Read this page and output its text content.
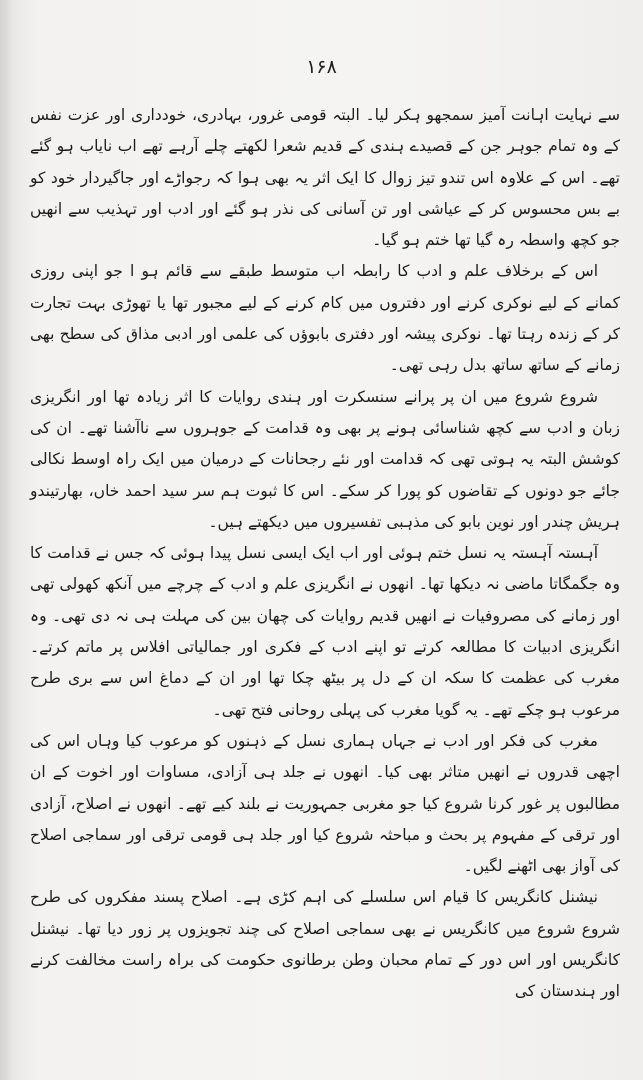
۱۶۸

سے نہایت اہانت آمیز سمجھو ہکر لیا۔ البتہ قومی غرور، بہادری، خودداری اور عزت نفس کے وہ تمام جوہر جن کے قصیدے ہندی کے قدیم شعرا لکھتے چلے آرہے تھے اب نایاب ہو گئے تھے۔ اس کے علاوہ اس تندو تیز زوال کا ایک اثر یہ بھی ہوا کہ رجواڑے اور جاگیردار خود کو بے بس محسوس کر کے عیاشی اور تن آسانی کی نذر ہو گئے اور ادب اور تہذیب سے انھیں جو کچھ واسطہ رہ گیا تھا ختم ہو گیا۔

اس کے برخلاف علم و ادب کا رابطہ اب متوسط طبقے سے قائم ہو ا جو اپنی روزی کمانے کے لیے نوکری کرنے اور دفتروں میں کام کرنے کے لیے مجبور تھا یا تھوڑی بہت تجارت کر کے زندہ رہتا تھا۔ نوکری پیشہ اور دفتری بابوؤں کی علمی اور ادبی مذاق کی سطح بھی زمانے کے ساتھ ساتھ بدل رہی تھی۔

شروع شروع میں ان پر پرانے سنسکرت اور ہندی روایات کا اثر زیادہ تھا اور انگریزی زبان و ادب سے کچھ شناسائی ہونے پر بھی وہ قدامت کے جوہروں سے ناآشنا تھے۔ ان کی کوشش البتہ یہ ہوتی تھی کہ قدامت اور نئے رجحانات کے درمیان میں ایک راہ اوسط نکالی جائے جو دونوں کے تقاضوں کو پورا کر سکے۔ اس کا ثبوت ہم سر سید احمد خاں، بھارتیندو ہریش چندر اور نوین بابو کی مذہبی تفسیروں میں دیکھتے ہیں۔

آہستہ آہستہ یہ نسل ختم ہوئی اور اب ایک ایسی نسل پیدا ہوئی کہ جس نے قدامت کا وہ جگمگاتا ماضی نہ دیکھا تھا۔ انھوں نے انگریزی علم و ادب کے چرچے میں آنکھ کھولی تھی اور زمانے کی مصروفیات نے انھیں قدیم روایات کی چھان بین کی مہلت ہی نہ دی تھی۔ وہ انگریزی ادبیات کا مطالعہ کرتے تو اپنے ادب کے فکری اور جمالیاتی افلاس پر ماتم کرتے۔ مغرب کی عظمت کا سکہ ان کے دل پر بیٹھ چکا تھا اور ان کے دماغ اس سے بری طرح مرعوب ہو چکے تھے۔ یہ گویا مغرب کی پہلی روحانی فتح تھی۔

مغرب کی فکر اور ادب نے جہاں ہماری نسل کے ذہنوں کو مرعوب کیا وہاں اس کی اچھی قدروں نے انھیں متاثر بھی کیا۔ انھوں نے جلد ہی آزادی، مساوات اور اخوت کے ان مطالبوں پر غور کرنا شروع کیا جو مغربی جمہوریت نے بلند کیے تھے۔ انھوں نے اصلاح، آزادی اور ترقی کے مفہوم پر بحث و مباحثہ شروع کیا اور جلد ہی قومی ترقی اور سماجی اصلاح کی آواز بھی اٹھنے لگیں۔

نیشنل کانگریس کا قیام اس سلسلے کی اہم کڑی ہے۔ اصلاح پسند مفکروں کی طرح شروع شروع میں کانگریس نے بھی سماجی اصلاح کی چند تجویزوں پر زور دیا تھا۔ نیشنل کانگریس اور اس دور کے تمام محبان وطن برطانوی حکومت کی براہ راست مخالفت کرنے اور ہندستان کی
